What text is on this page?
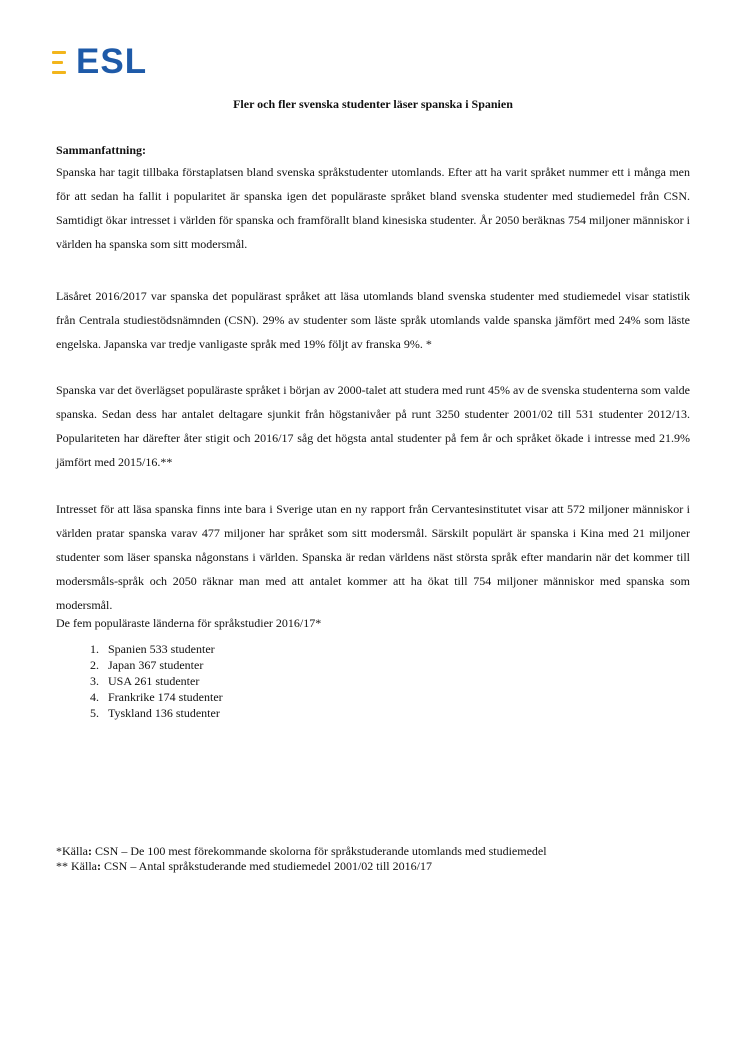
ESL
Fler och fler svenska studenter läser spanska i Spanien
Sammanfattning:

Spanska har tagit tillbaka förstaplatsen bland svenska språkstudenter utomlands. Efter att ha varit språket nummer ett i många men för att sedan ha fallit i popularitet är spanska igen det populäraste språket bland svenska studenter med studiemedel från CSN. Samtidigt ökar intresset i världen för spanska och framförallt bland kinesiska studenter. År 2050 beräknas 754 miljoner människor i världen ha spanska som sitt modersmål.

Läsåret 2016/2017 var spanska det populärast språket att läsa utomlands bland svenska studenter med studiemedel visar statistik från Centrala studiestödsnämnden (CSN). 29% av studenter som läste språk utomlands valde spanska jämfört med 24% som läste engelska. Japanska var tredje vanligaste språk med 19% följt av franska 9%. *

Spanska var det överlägset populäraste språket i början av 2000-talet att studera med runt 45% av de svenska studenterna som valde spanska. Sedan dess har antalet deltagare sjunkit från högstanivåer på runt 3250 studenter 2001/02 till 531 studenter 2012/13. Populariteten har därefter åter stigit och 2016/17 såg det högsta antal studenter på fem år och språket ökade i intresse med 21.9% jämfört med 2015/16.**

Intresset för att läsa spanska finns inte bara i Sverige utan en ny rapport från Cervantesinstitutet visar att 572 miljoner människor i världen pratar spanska varav 477 miljoner har språket som sitt modersmål. Särskilt populärt är spanska i Kina med 21 miljoner studenter som läser spanska någonstans i världen. Spanska är redan världens näst största språk efter mandarin när det kommer till modersmåls-språk och 2050 räknar man med att antalet kommer att ha ökat till 754 miljoner människor med spanska som modersmål.

De fem populäraste länderna för språkstudier 2016/17*

1. Spanien 533 studenter
2. Japan 367 studenter
3. USA 261 studenter
4. Frankrike 174 studenter
5. Tyskland 136 studenter
*Källa: CSN – De 100 mest förekommande skolorna för språkstuderande utomlands med studiemedel
** Källa: CSN – Antal språkstuderande med studiemedel 2001/02 till 2016/17
